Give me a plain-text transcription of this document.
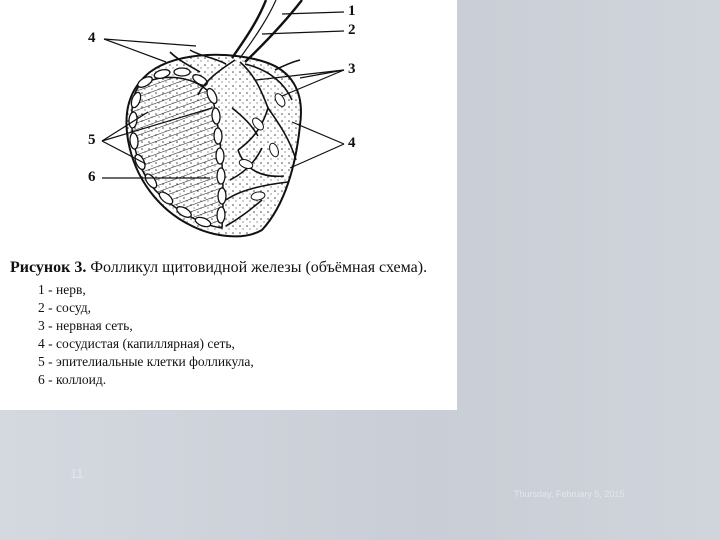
1
2
3
4
5
6
4
Рисунок 3. Фолликул щитовидной железы (объёмная схема).
1 - нерв,
2 - сосуд,
3 - нервная сеть,
4 - сосудистая (капиллярная) сеть,
5 - эпителиальные клетки фолликула,
6 - коллоид.
11
Thursday, February 5, 2015
